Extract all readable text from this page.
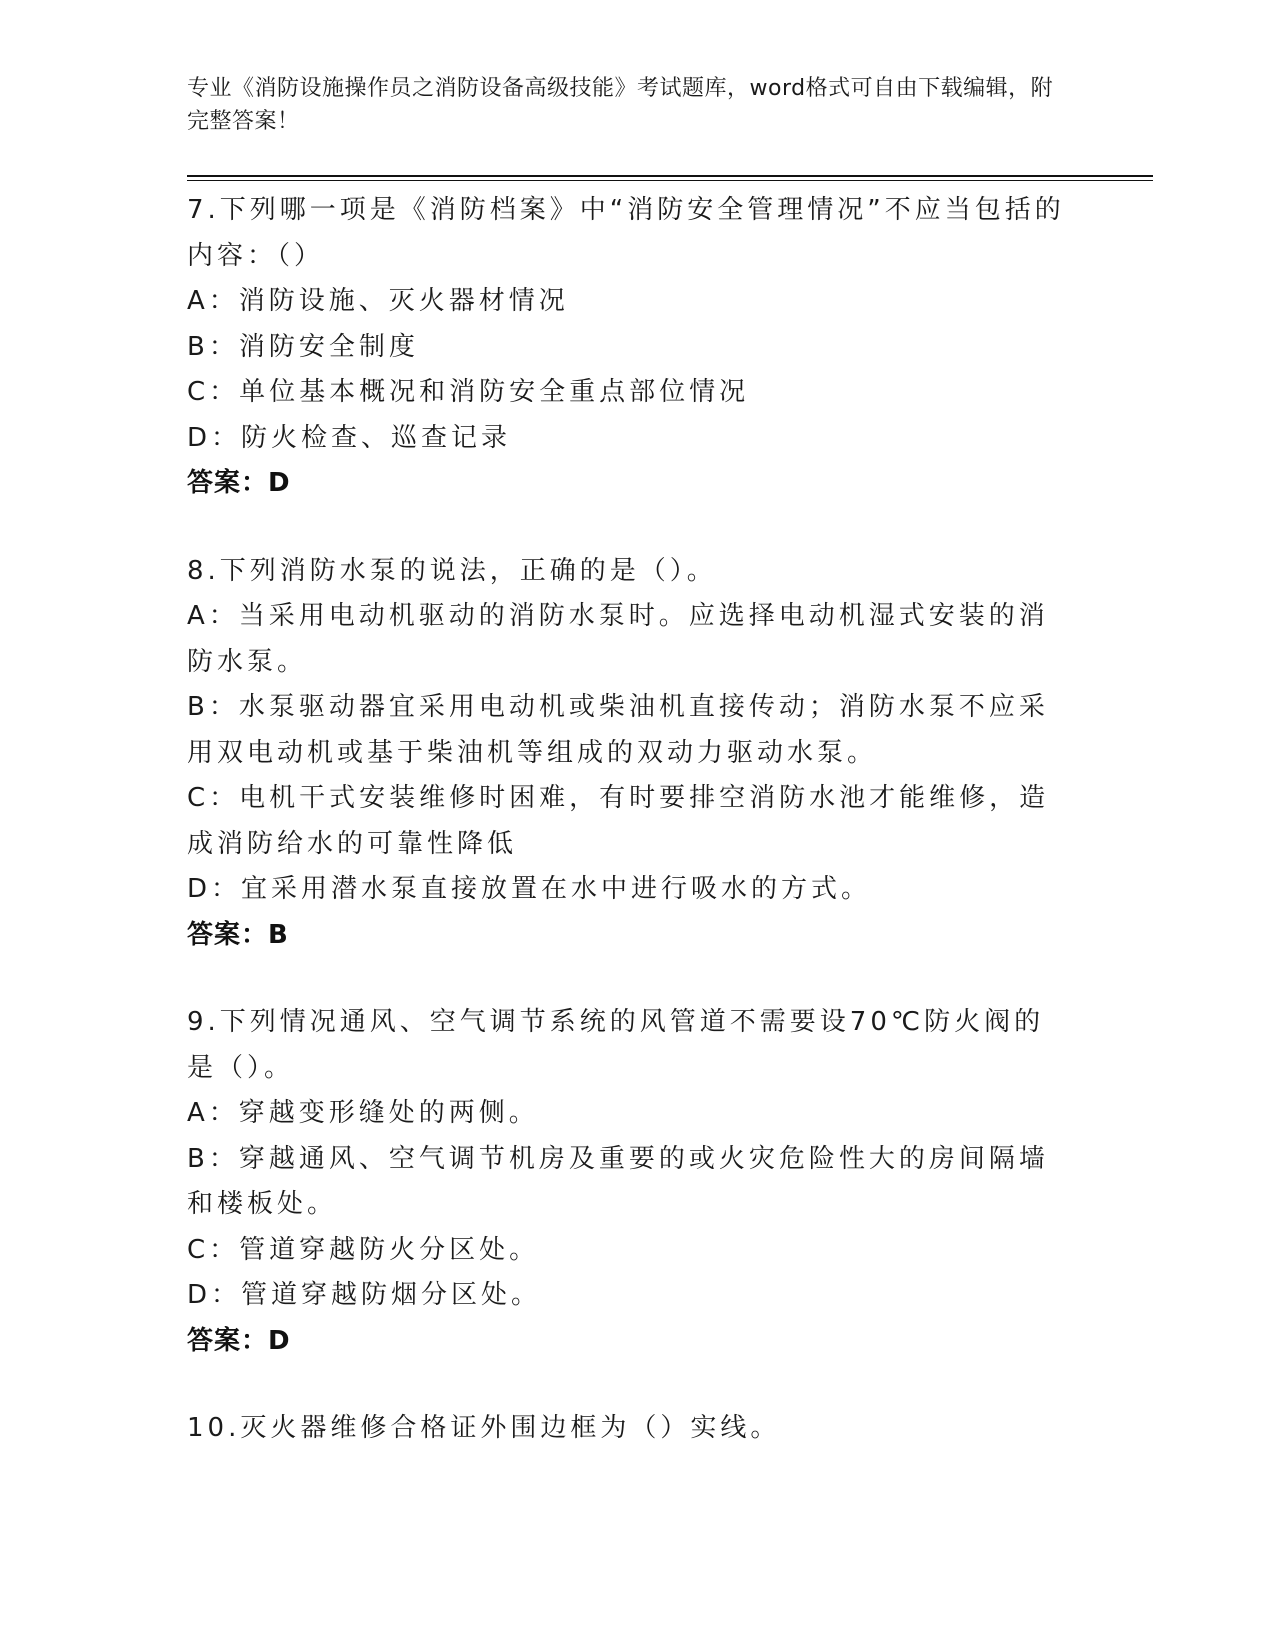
专业《消防设施操作员之消防设备高级技能》考试题库，word格式可自由下载编辑，附完整答案！
7.下列哪一项是《消防档案》中“消防安全管理情况”不应当包括的内容：（）
A：消防设施、灭火器材情况
B：消防安全制度
C：单位基本概况和消防安全重点部位情况
D：防火检查、巡查记录
答案：D
8.下列消防水泵的说法，正确的是（）。
A：当采用电动机驱动的消防水泵时。应选择电动机湿式安装的消防水泵。
B：水泵驱动器宜采用电动机或柴油机直接传动；消防水泵不应采用双电动机或基于柴油机等组成的双动力驱动水泵。
C：电机干式安装维修时困难，有时要排空消防水池才能维修，造成消防给水的可靠性降低
D：宜采用潜水泵直接放置在水中进行吸水的方式。
答案：B
9.下列情况通风、空气调节系统的风管道不需要设70℃防火阀的是（）。
A：穿越变形缝处的两侧。
B：穿越通风、空气调节机房及重要的或火灾危险性大的房间隔墙和楼板处。
C：管道穿越防火分区处。
D：管道穿越防烟分区处。
答案：D
10.灭火器维修合格证外围边框为（）实线。
